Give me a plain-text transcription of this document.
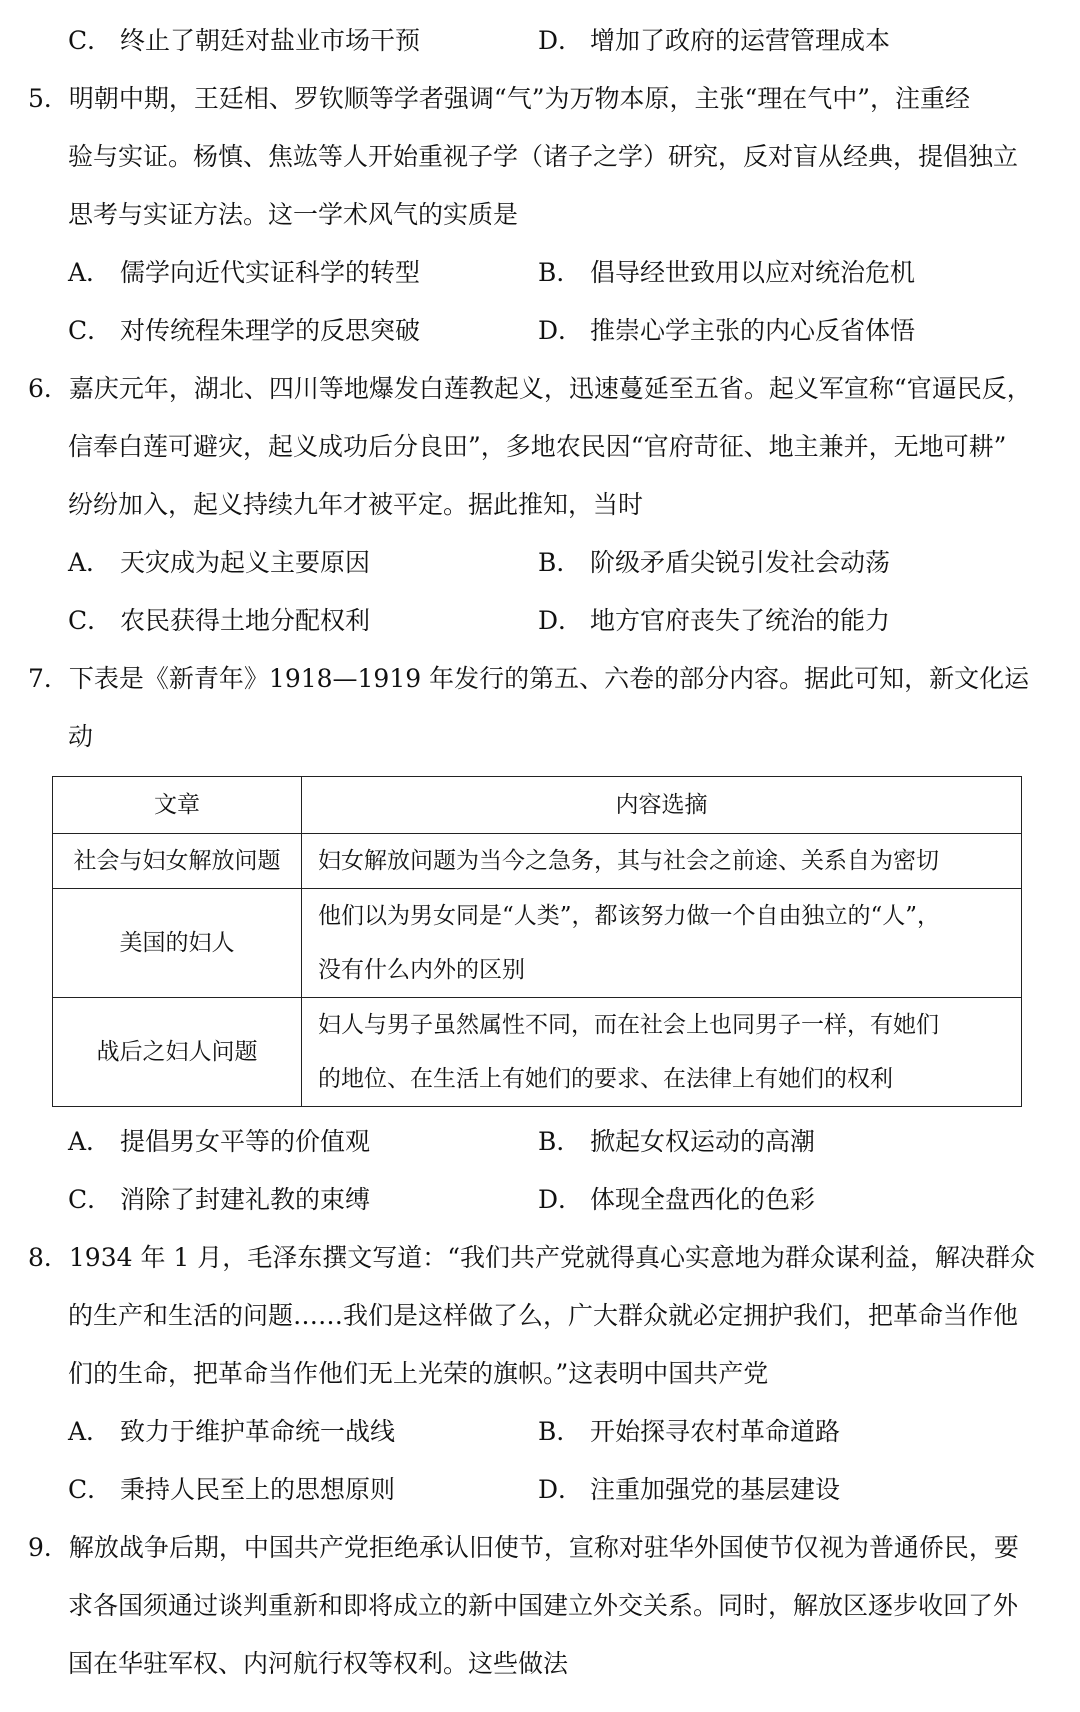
C． 终止了朝廷对盐业市场干预	D． 增加了政府的运营管理成本
5．明朝中期，王廷相、罗钦顺等学者强调“气”为万物本原，主张“理在气中”，注重经
验与实证。杨慎、焦竑等人开始重视子学（诸子之学）研究，反对盲从经典，提倡独立
思考与实证方法。这一学术风气的实质是
A． 儒学向近代实证科学的转型	B． 倡导经世致用以应对统治危机
C． 对传统程朱理学的反思突破	D． 推崇心学主张的内心反省体悟
6．嘉庆元年，湖北、四川等地爆发白莲教起义，迅速蔓延至五省。起义军宣称“官逼民反，
信奉白莲可避灾，起义成功后分良田”，多地农民因“官府苛征、地主兼并，无地可耕”
纷纷加入，起义持续九年才被平定。据此推知，当时
A． 天灾成为起义主要原因	B． 阶级矛盾尖锐引发社会动荡
C． 农民获得土地分配权利	D． 地方官府丧失了统治的能力
7．下表是《新青年》1918—1919 年发行的第五、六卷的部分内容。据此可知，新文化运
动
文章	内容选摘
社会与妇女解放问题	妇女解放问题为当今之急务，其与社会之前途、关系自为密切

美国的妇人	他们以为男女同是“人类”，都该努力做一个自由独立的“人”，
没有什么内外的区别

战后之妇人问题	妇人与男子虽然属性不同，而在社会上也同男子一样，有她们
的地位、在生活上有她们的要求、在法律上有她们的权利
A． 提倡男女平等的价值观	B． 掀起女权运动的高潮
C． 消除了封建礼教的束缚	D． 体现全盘西化的色彩
8．1934 年 1 月，毛泽东撰文写道：“我们共产党就得真心实意地为群众谋利益，解决群众
的生产和生活的问题……我们是这样做了么，广大群众就必定拥护我们，把革命当作他
们的生命，把革命当作他们无上光荣的旗帜。”这表明中国共产党
A． 致力于维护革命统一战线	B． 开始探寻农村革命道路
C． 秉持人民至上的思想原则	D． 注重加强党的基层建设
9．解放战争后期，中国共产党拒绝承认旧使节，宣称对驻华外国使节仅视为普通侨民，要
求各国须通过谈判重新和即将成立的新中国建立外交关系。同时，解放区逐步收回了外
国在华驻军权、内河航行权等权利。这些做法
